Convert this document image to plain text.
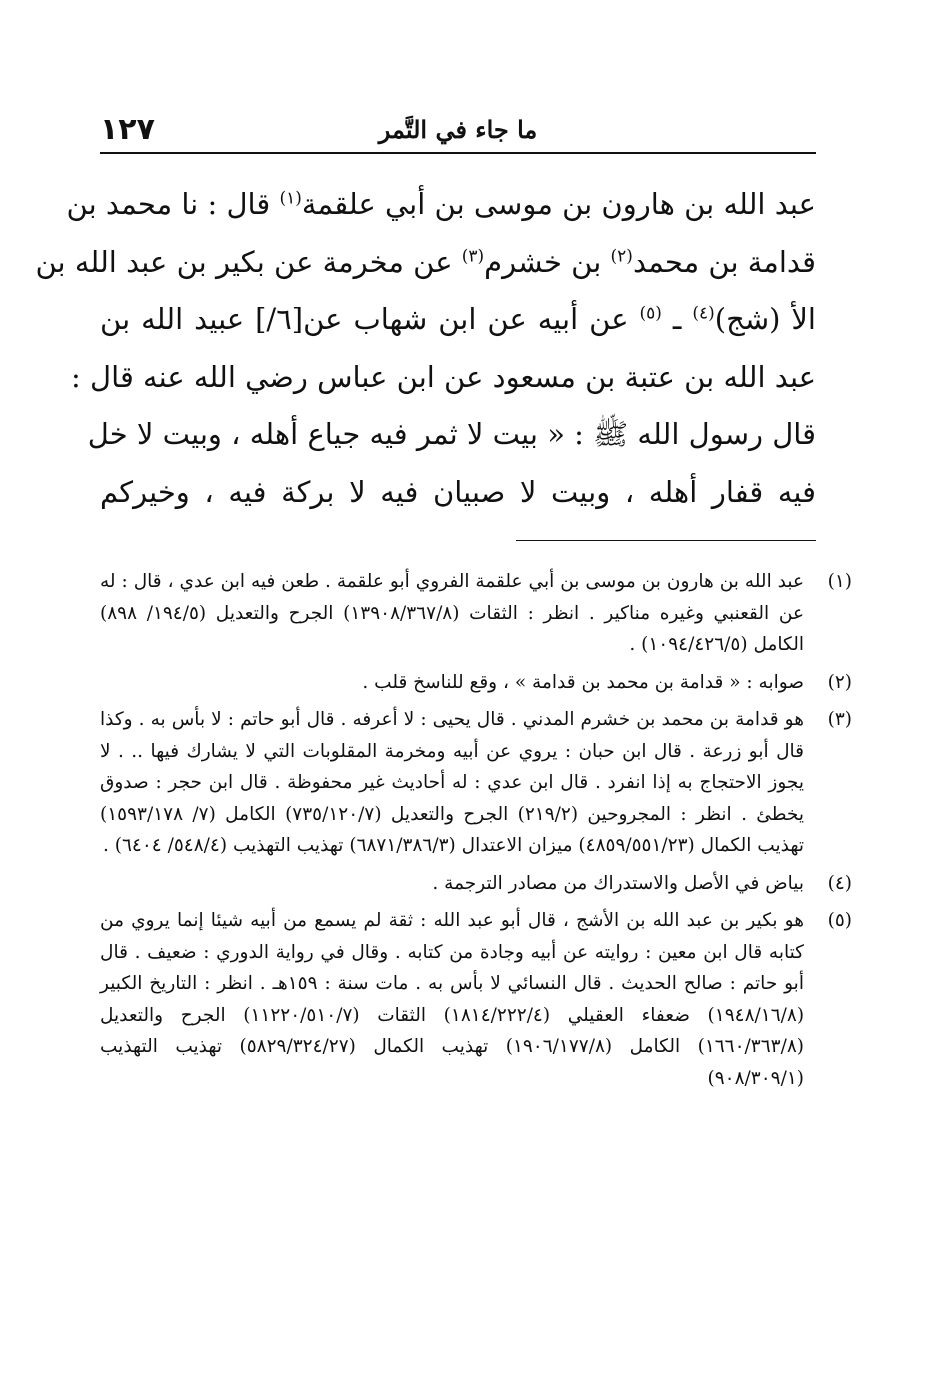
ما جاء في التَّمر
١٢٧
عبد الله بن هارون بن موسى بن أبي علقمة$^{(١)}$ قال : نا محمد بن
قدامة بن محمد$^{(٢)}$ بن خشرم$^{(٣)}$ عن مخرمة عن بكير بن عبد الله بن
الأ (شج)$^{(٤)}$ ـ $^{(٥)}$ عن أبيه عن ابن شهاب عن[٦/] عبيد الله بن
عبد الله بن عتبة بن مسعود عن ابن عباس رضي الله عنه قال :
قال رسول الله ﷺ : « بيت لا ثمر فيه جياع أهله ، وبيت لا خل
فيه قفار أهله ، وبيت لا صبيان فيه لا بركة فيه ، وخيركم
(١)
عبد الله بن هارون بن موسى بن أبي علقمة الفروي أبو علقمة . طعن فيه ابن عدي ، قال : له عن القعنبي وغيره مناكير . انظر : الثقات (١٣٩٠٨/٣٦٧/٨) الجرح والتعديل (١٩٤/٥/ ٨٩٨) الكامل (١٠٩٤/٤٢٦/٥) .
(٢)
صوابه : « قدامة بن محمد بن قدامة » ، وقع للناسخ قلب .
(٣)
هو قدامة بن محمد بن خشرم المدني . قال يحيى : لا أعرفه . قال أبو حاتم : لا بأس به . وكذا قال أبو زرعة . قال ابن حبان : يروي عن أبيه ومخرمة المقلوبات التي لا يشارك فيها .. . لا يجوز الاحتجاج به إذا انفرد . قال ابن عدي : له أحاديث غير محفوظة . قال ابن حجر : صدوق يخطئ . انظر : المجروحين (٢١٩/٢) الجرح والتعديل (٧٣٥/١٢٠/٧) الكامل (٧/ ١٥٩٣/١٧٨) تهذيب الكمال (٤٨٥٩/٥٥١/٢٣) ميزان الاعتدال (٦٨٧١/٣٨٦/٣) تهذيب التهذيب (٥٤٨/٤/ ٦٤٠٤) .
(٤)
بياض في الأصل والاستدراك من مصادر الترجمة .
(٥)
هو بكير بن عبد الله بن الأشج ، قال أبو عبد الله : ثقة لم يسمع من أبيه شيئا إنما يروي من كتابه قال ابن معين : روايته عن أبيه وجادة من كتابه . وقال في رواية الدوري : ضعيف . قال أبو حاتم : صالح الحديث . قال النسائي لا بأس به . مات سنة : ١٥٩هـ . انظر : التاريخ الكبير (١٩٤٨/١٦/٨) ضعفاء العقيلي (١٨١٤/٢٢٢/٤) الثقات (١١٢٢٠/٥١٠/٧) الجرح والتعديل (١٦٦٠/٣٦٣/٨) الكامل (١٩٠٦/١٧٧/٨) تهذيب الكمال (٥٨٢٩/٣٢٤/٢٧) تهذيب التهذيب (٩٠٨/٣٠٩/١)
